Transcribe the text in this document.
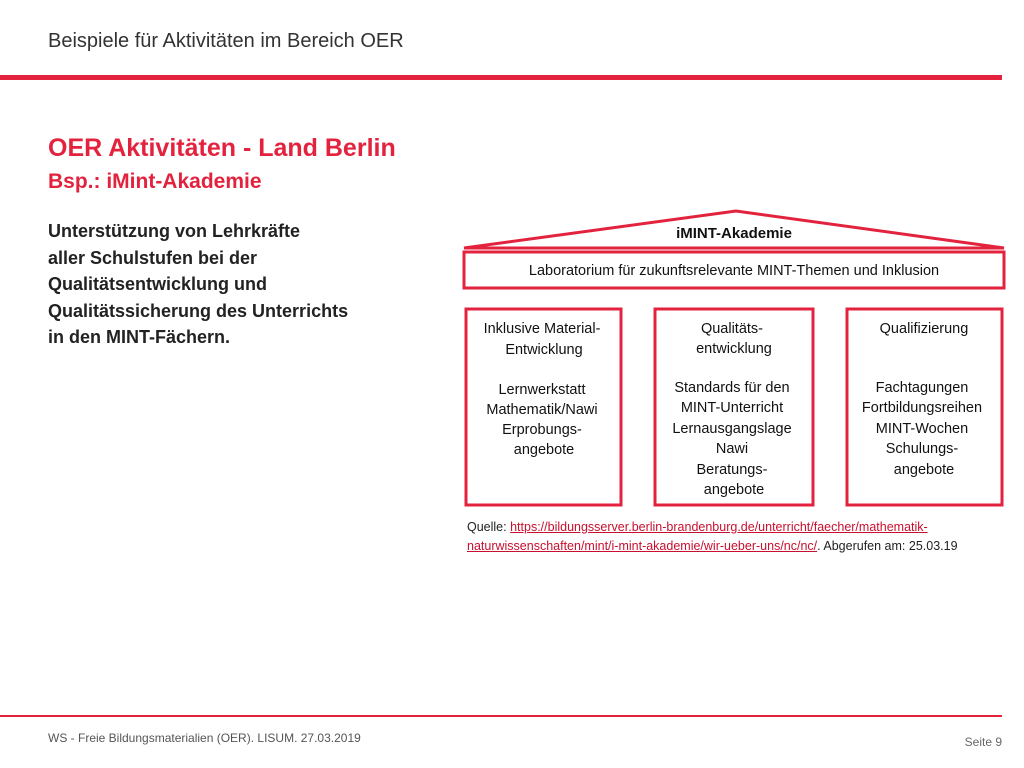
Beispiele für Aktivitäten im Bereich OER
OER Aktivitäten - Land Berlin
Bsp.: iMint-Akademie

Unterstützung von Lehrkräfte
aller Schulstufen bei der
Qualitätsentwicklung und
Qualitätssicherung des Unterrichts
in den MINT-Fächern.

iMINT-Akademie
Laboratorium für zukunftsrelevante MINT-Themen und Inklusion
Inklusive Material- Entwicklung
Lernwerkstatt Mathematik/Nawi Erprobungs- angebote
Qualitäts- entwicklung
Standards für den MINT-Unterricht Lernausgangslage Nawi Beratungs- angebote
Qualifizierung
Fachtagungen Fortbildungsreihen MINT-Wochen Schulungs- angebote
Quelle: https://bildungsserver.berlin-brandenburg.de/unterricht/faecher/mathematik-
naturwissenschaften/mint/i-mint-akademie/wir-ueber-uns/nc/nc/. Abgerufen am: 25.03.19
WS - Freie Bildungsmaterialien (OER). LISUM. 27.03.2019	Seite 9
